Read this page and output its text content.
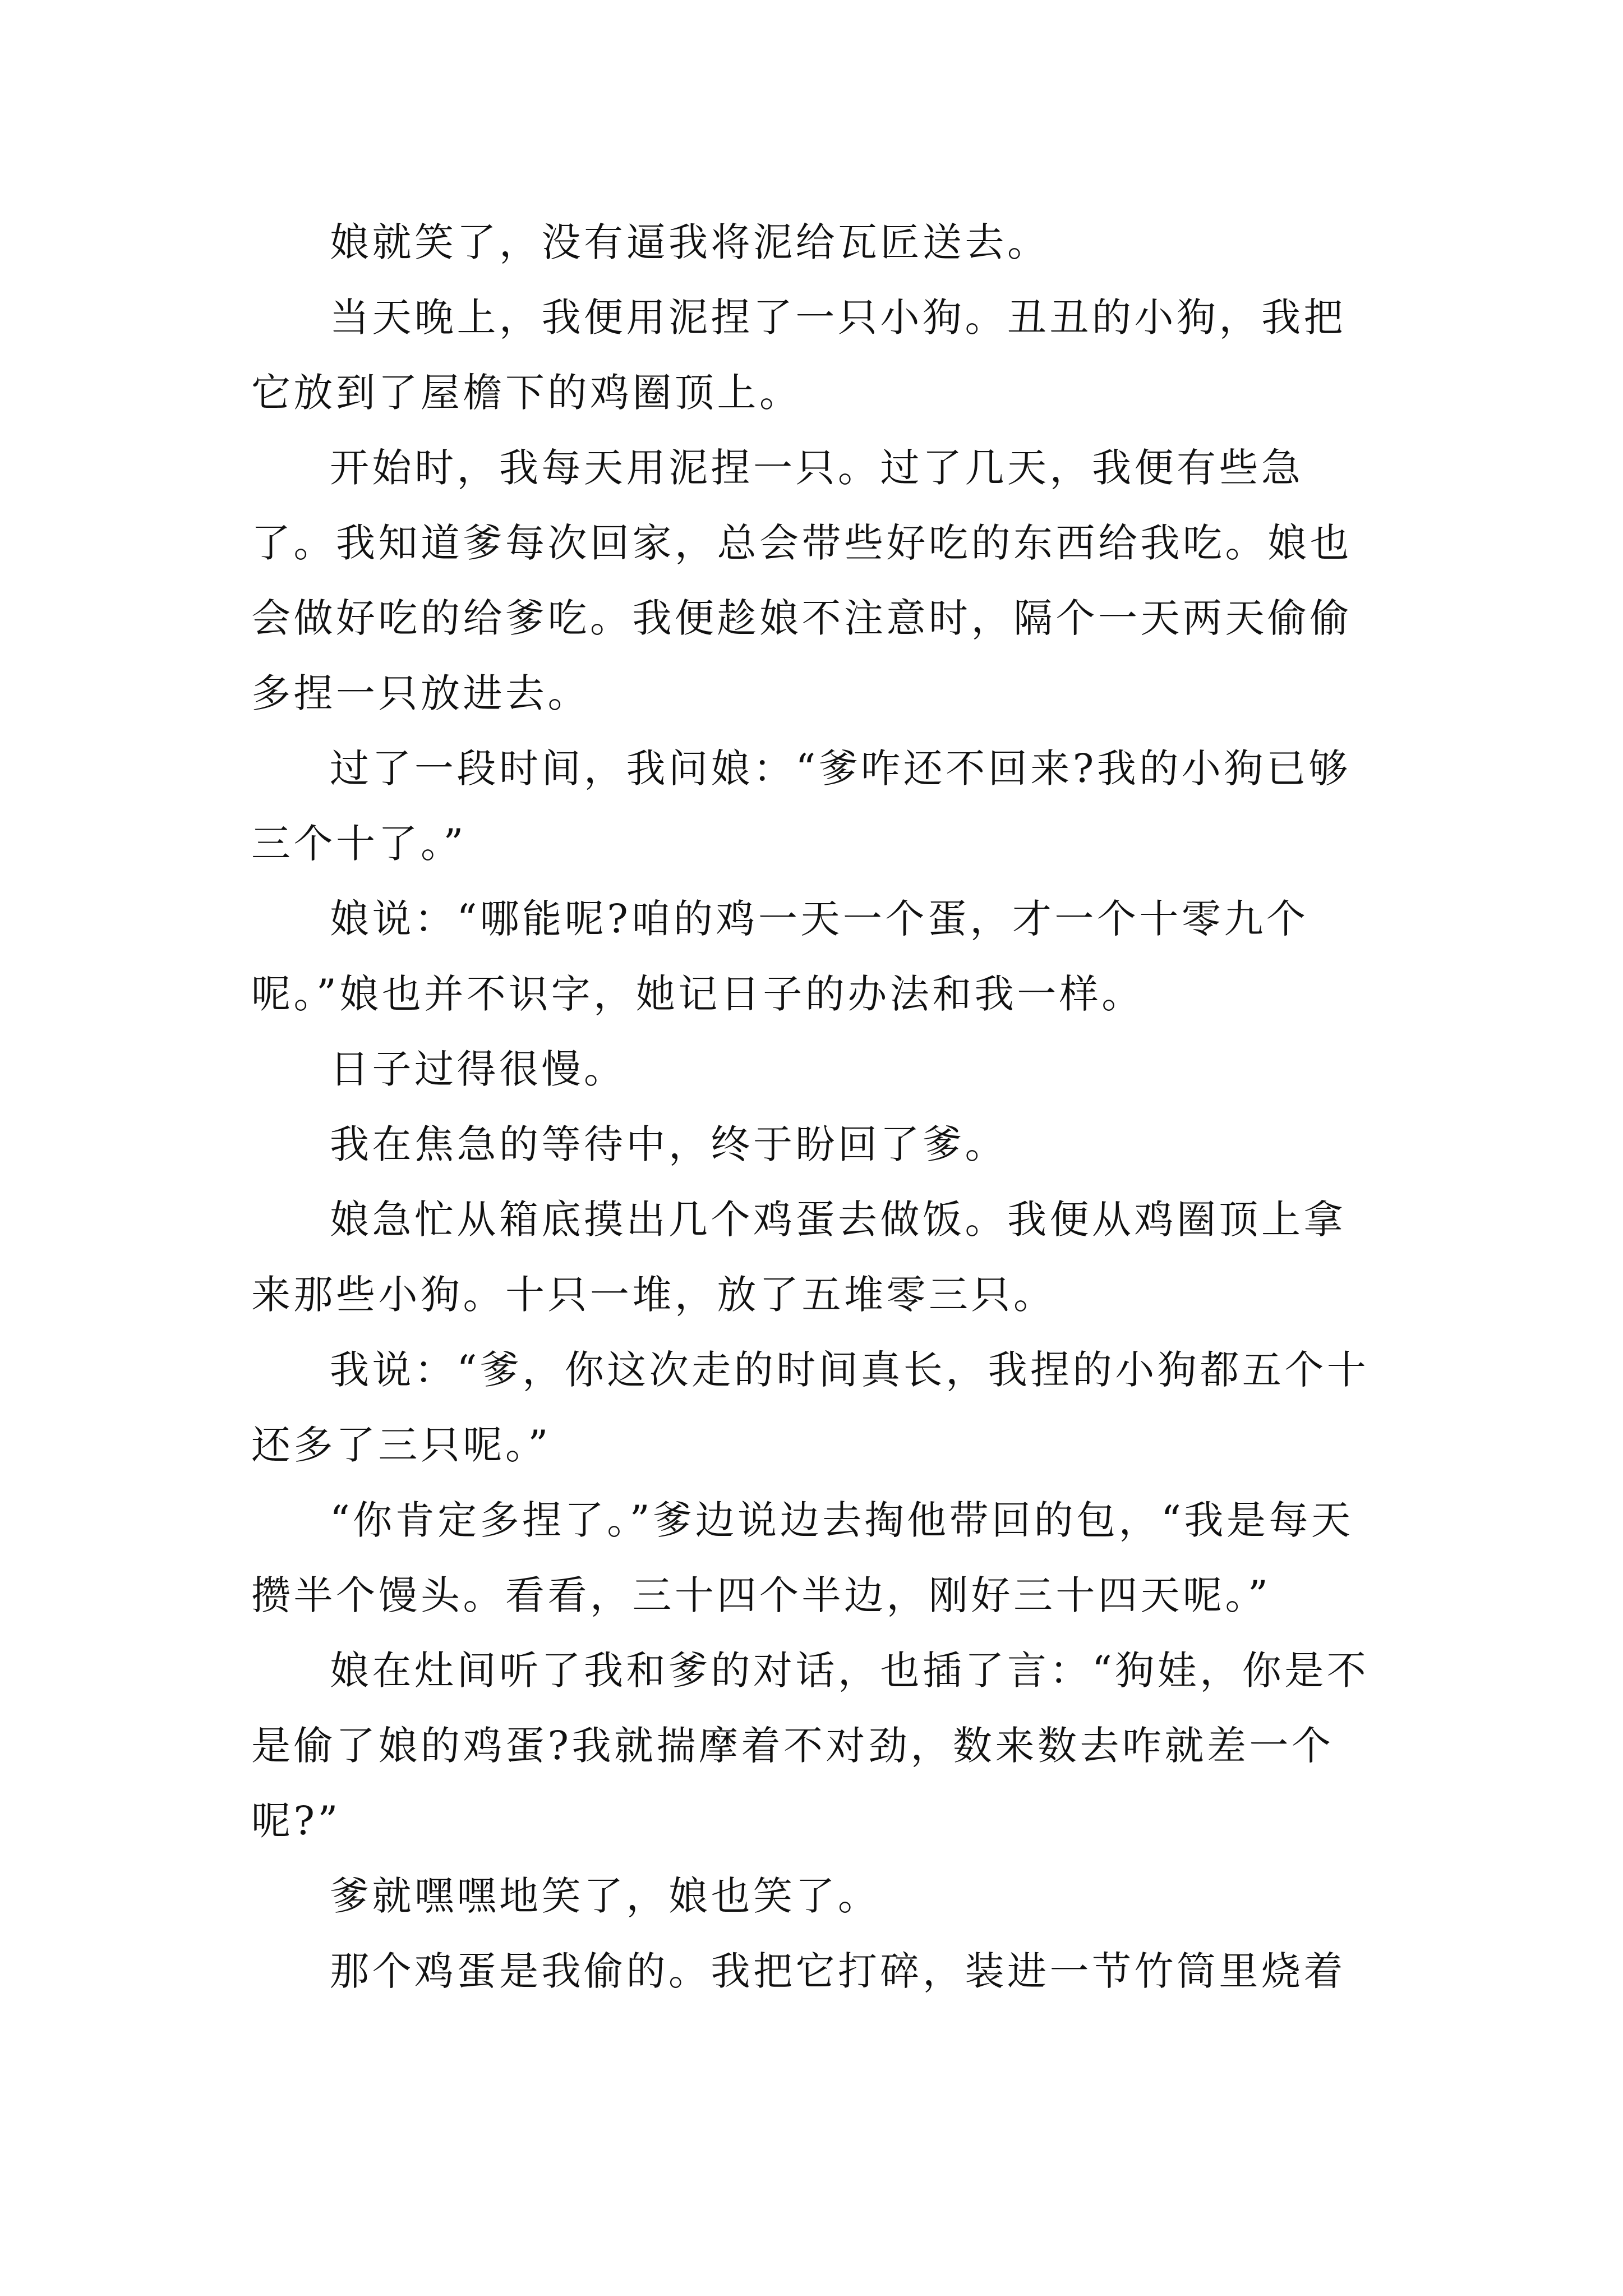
娘就笑了，没有逼我将泥给瓦匠送去。

当天晚上，我便用泥捏了一只小狗。丑丑的小狗，我把它放到了屋檐下的鸡圈顶上。

开始时，我每天用泥捏一只。过了几天，我便有些急了。我知道爹每次回家，总会带些好吃的东西给我吃。娘也会做好吃的给爹吃。我便趁娘不注意时，隔个一天两天偷偷多捏一只放进去。

过了一段时间，我问娘：“爹咋还不回来?我的小狗已够三个十了。”

娘说：“哪能呢?咱的鸡一天一个蛋，才一个十零九个呢。”娘也并不识字，她记日子的办法和我一样。

日子过得很慢。

我在焦急的等待中，终于盼回了爹。

娘急忙从箱底摸出几个鸡蛋去做饭。我便从鸡圈顶上拿来那些小狗。十只一堆，放了五堆零三只。

我说：“爹，你这次走的时间真长，我捏的小狗都五个十还多了三只呢。”

“你肯定多捏了。”爹边说边去掏他带回的包，“我是每天攒半个馒头。看看，三十四个半边，刚好三十四天呢。”

娘在灶间听了我和爹的对话，也插了言：“狗娃，你是不是偷了娘的鸡蛋?我就揣摩着不对劲，数来数去咋就差一个呢?”

爹就嘿嘿地笑了，娘也笑了。

那个鸡蛋是我偷的。我把它打碎，装进一节竹筒里烧着
